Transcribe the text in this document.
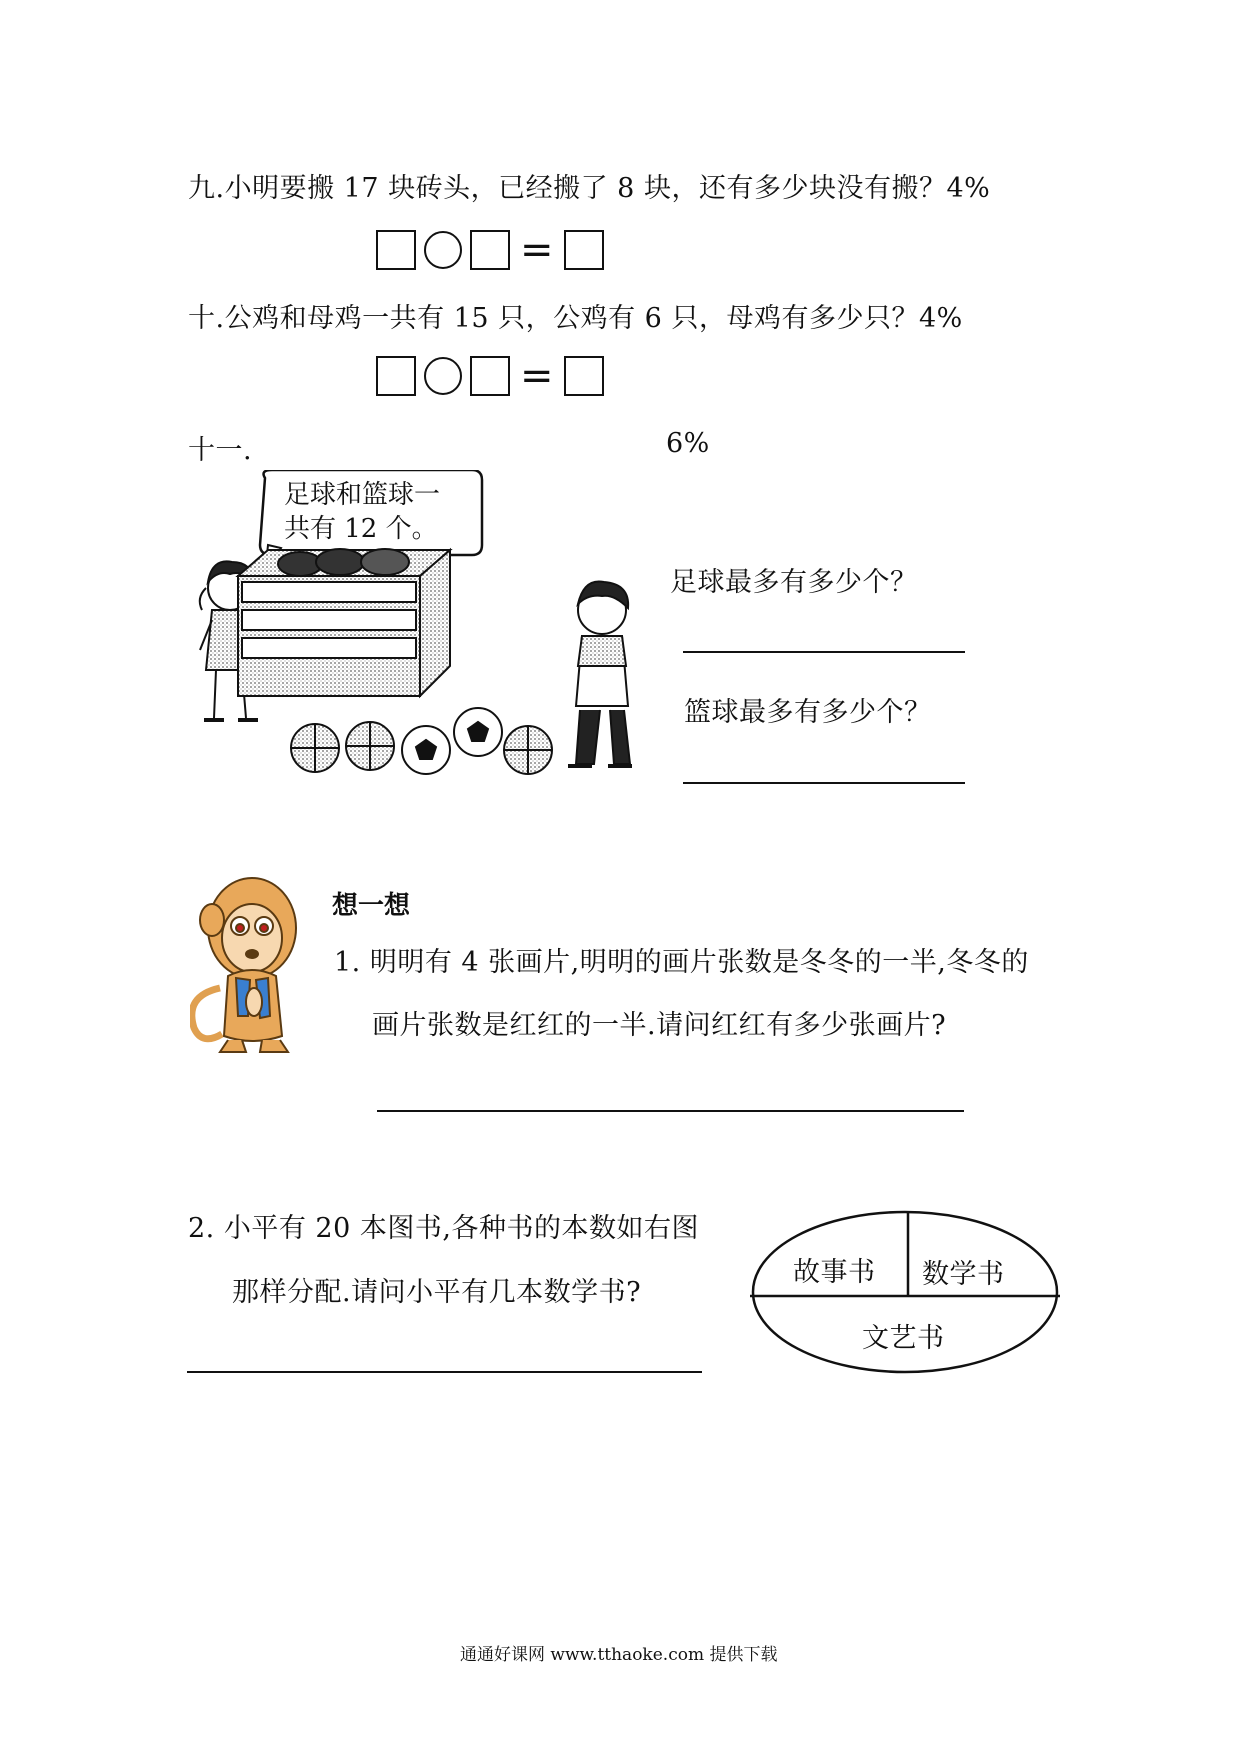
九.小明要搬 17 块砖头，已经搬了 8 块，还有多少块没有搬？4%
=
十.公鸡和母鸡一共有 15 只，公鸡有 6 只，母鸡有多少只？4%
=
十一.	6%
足球和篮球一
共有 12 个。
足球最多有多少个？
篮球最多有多少个？
想一想
1. 明明有 4 张画片,明明的画片张数是冬冬的一半,冬冬的
画片张数是红红的一半.请问红红有多少张画片?
2. 小平有 20 本图书,各种书的本数如右图
那样分配.请问小平有几本数学书?
故事书 数学书
文艺书
通通好课网 www.tthaoke.com 提供下载
